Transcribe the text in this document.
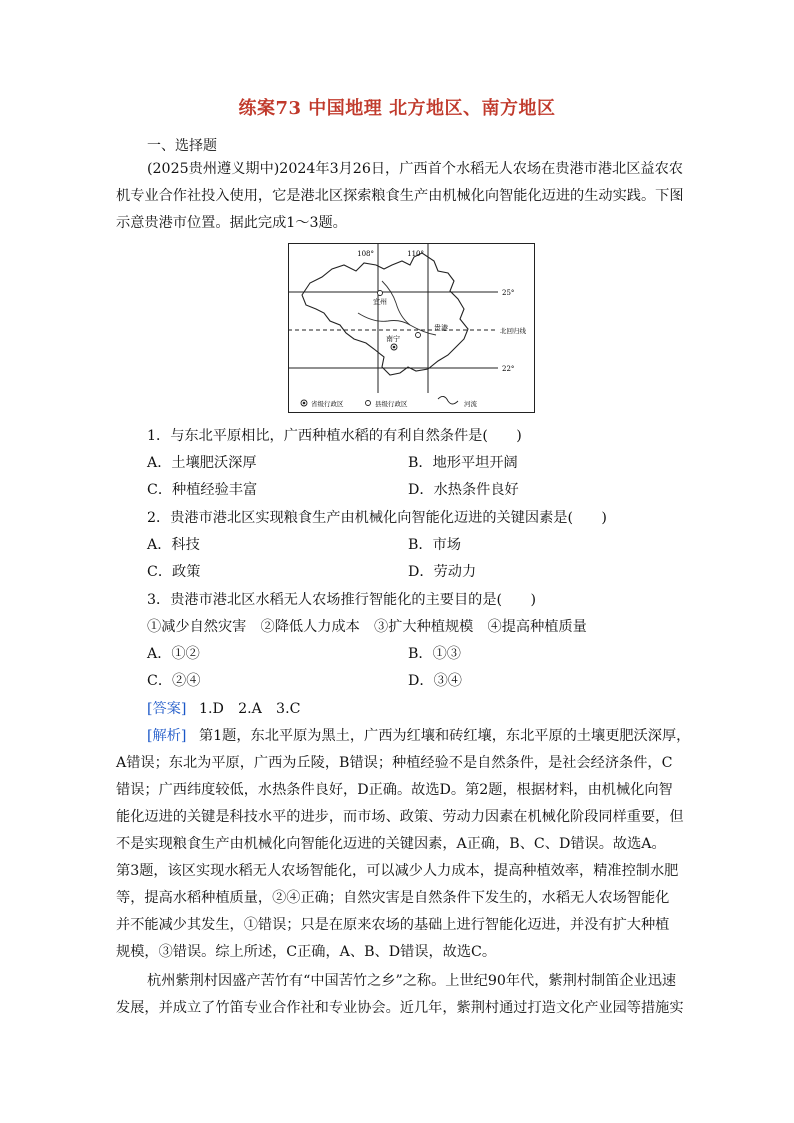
练案73 中国地理 北方地区、南方地区
一、选择题
(2025贵州遵义期中)2024年3月26日，广西首个水稻无人农场在贵港市港北区益农农
机专业合作社投入使用，它是港北区探索粮食生产由机械化向智能化迈进的生动实践。下图
示意贵港市位置。据此完成1～3题。
108°	110°
25°
22°
北回归线
宜州
贵港
南宁
省级行政区	县级行政区	河流
1．与东北平原相比，广西种植水稻的有利自然条件是(　　)
A．土壤肥沃深厚	B．地形平坦开阔
C．种植经验丰富	D．水热条件良好
2．贵港市港北区实现粮食生产由机械化向智能化迈进的关键因素是(　　)
A．科技	B．市场
C．政策	D．劳动力
3．贵港市港北区水稻无人农场推行智能化的主要目的是(　　)
①减少自然灾害　②降低人力成本　③扩大种植规模　④提高种植质量
A．①②	B．①③
C．②④	D．③④
[答案] 1.D　2.A　3.C
[解析] 第1题，东北平原为黑土，广西为红壤和砖红壤，东北平原的土壤更肥沃深厚，
A错误；东北为平原，广西为丘陵，B错误；种植经验不是自然条件，是社会经济条件，C
错误；广西纬度较低，水热条件良好，D正确。故选D。第2题，根据材料，由机械化向智
能化迈进的关键是科技水平的进步，而市场、政策、劳动力因素在机械化阶段同样重要，但
不是实现粮食生产由机械化向智能化迈进的关键因素，A正确，B、C、D错误。故选A。
第3题，该区实现水稻无人农场智能化，可以减少人力成本，提高种植效率，精准控制水肥
等，提高水稻种植质量，②④正确；自然灾害是自然条件下发生的，水稻无人农场智能化
并不能减少其发生，①错误；只是在原来农场的基础上进行智能化迈进，并没有扩大种植
规模，③错误。综上所述，C正确，A、B、D错误，故选C。
杭州紫荆村因盛产苦竹有“中国苦竹之乡”之称。上世纪90年代，紫荆村制笛企业迅速
发展，并成立了竹笛专业合作社和专业协会。近几年，紫荆村通过打造文化产业园等措施实
